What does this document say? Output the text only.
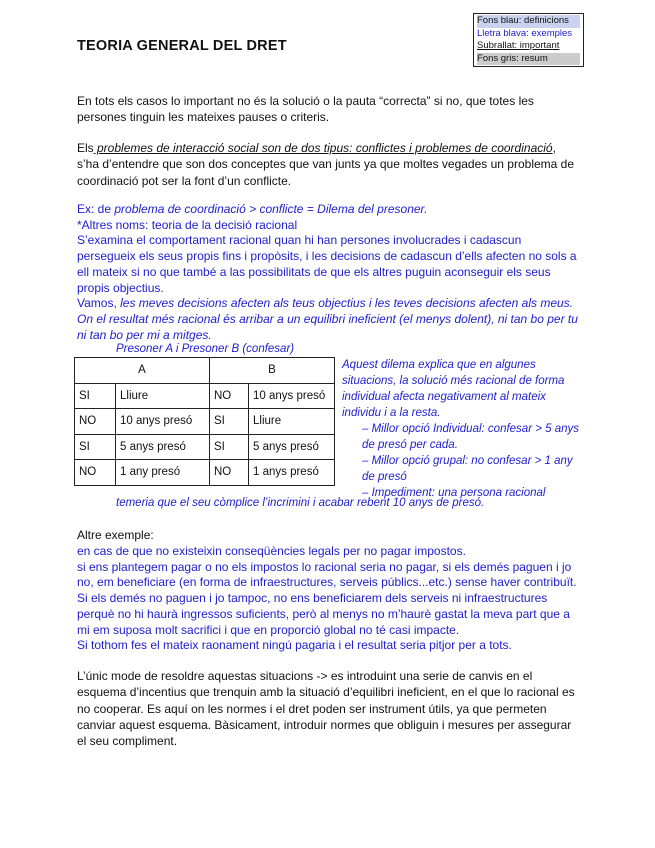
Fons blau: definicions
Lletra blava: exemples
Subrallat: important
Fons gris: resum
TEORIA GENERAL DEL DRET
En tots els casos lo important no és la solució o la pauta “correcta” si no, que totes les persones tinguin les mateixes pauses o criteris.
Els problemes de interacció social son de dos tipus: conflictes i problemes de coordinació, s’ha d’entendre que son dos conceptes que van junts ya que moltes vegades un problema de coordinació pot ser la font d’un conflicte.
Ex: de problema de coordinació > conflicte = Dilema del presoner.
*Altres noms: teoria de la decisió racional
S’examina el comportament racional quan hi han persones involucrades i cadascun persegueix els seus propis fins i propòsits, i les decisions de cadascun d’ells afecten no sols a ell mateix si no que també a las possibilitats de que els altres puguin aconseguir els seus propis objectius.
Vamos, les meves decisions afecten als teus objectius i les teves decisions afecten als meus. On el resultat més racional és arribar a un equilibri ineficient (el menys dolent), ni tan bo per tu ni tan bo per mi a mitges.
Presoner A i Presoner B (confesar)
A		B	
SI	Lliure	NO	10 anys presó
NO	10 anys presó	SI	Lliure
SI	5 anys presó	SI	5 anys presó
NO	1 any presó	NO	1 anys presó
Aquest dilema explica que en algunes situacions, la solució més racional de forma individual afecta negativament al mateix individu i a la resta.
– Millor opció Individual: confesar > 5 anys de presó per cada.
– Millor opció grupal: no confesar > 1 any de presó
– Impediment: una persona racional
temeria que el seu còmplice l’incrimini i acabar rebent 10 anys de presó.
Altre exemple:
en cas de que no existeixin conseqüències legals per no pagar impostos.
si ens plantegem pagar o no els impostos lo racional seria no pagar, si els demés paguen i jo no, em beneficiare (en forma de infraestructures, serveis públics...etc.) sense haver contribuït.
Si els demés no paguen i jo tampoc, no ens beneficiarem dels serveis ni infraestructures perquè no hi haurà ingressos suficients, però al menys no m’haurè gastat la meva part que a mi em suposa molt sacrifici i que en proporció global no té casi impacte.
Si tothom fes el mateix raonament ningú pagaria i el resultat seria pitjor per a tots.
L’únic mode de resoldre aquestas situacions -> es introduint una serie de canvis en el esquema d’incentius que trenquin amb la situació d’equilibri ineficient, en el que lo racional es no cooperar. Es aquí on les normes i el dret poden ser instrument útils, ya que permeten canviar aquest esquema. Bàsicament, introduir normes que obliguin i mesures per assegurar el seu compliment.
